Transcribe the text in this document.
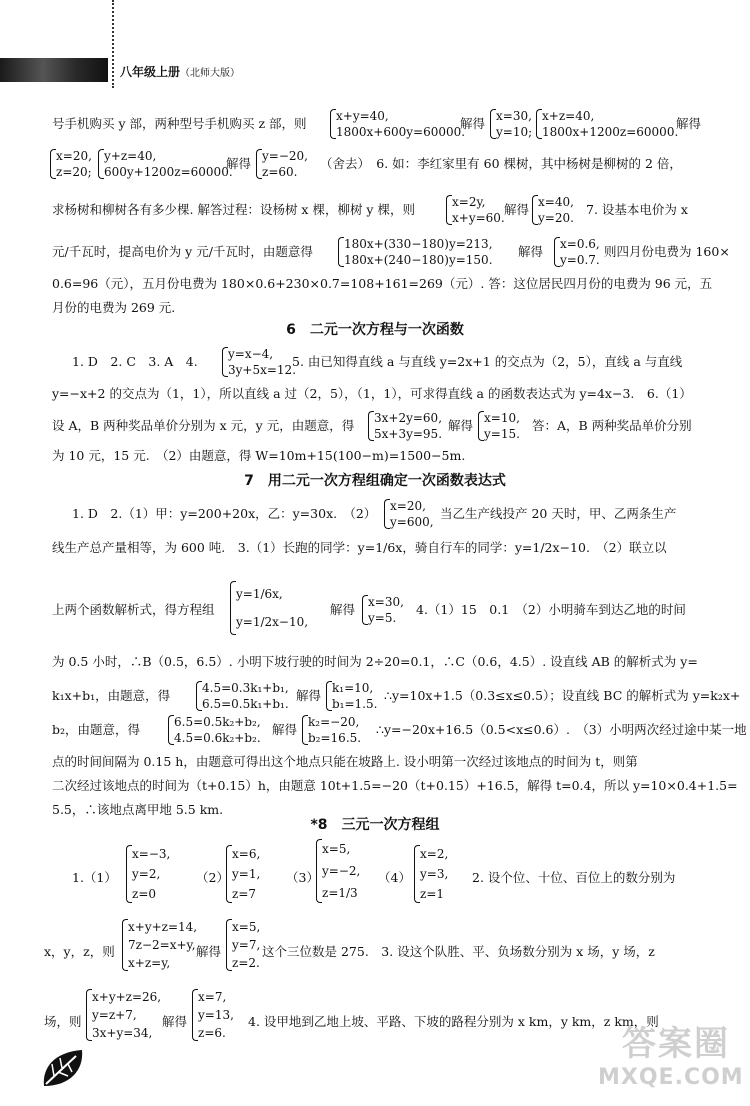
八年级上册（北师大版）
号手机购买 y 部，两种型号手机购买 z 部，则 x+y=40,
1800x+600y=60000.
解得 x=30,
y=10;
x+z=40,
1800x+1200z=60000.
解得
x=20,
z=20;
y+z=40,
600y+1200z=60000.
解得 y=−20,
z=60.
（舍去）　6. 如：李红家里有 60 棵树，其中杨树是柳树的 2 倍，
求杨树和柳树各有多少棵. 解答过程：设杨树 x 棵，柳树 y 棵，则	x=2y,
x+y=60.
解得 x=40,
y=20.
7. 设基本电价为 x
元/千瓦时，提高电价为 y 元/千瓦时，由题意得	180x+(330−180)y=213,
180x+(240−180)y=150.
解得 x=0.6,
y=0.7.
则四月份电费为 160×
0.6=96（元），五月份电费为 180×0.6+230×0.7=108+161=269（元）. 答：这位居民四月份的电费为 96 元，五
月份的电费为 269 元.
6　二元一次方程与一次函数
1. D　2. C　3. A　4.	y=x−4,
3y+5x=12.
5. 由已知得直线 a 与直线 y=2x+1 的交点为（2，5），直线 a 与直线
y=−x+2 的交点为（1，1），所以直线 a 过（2，5），（1，1），可求得直线 a 的函数表达式为 y=4x−3.　6.（1）
设 A，B 两种奖品单价分别为 x 元，y 元，由题意，得 3x+2y=60,
5x+3y=95.
解得 x=10,
y=15.
答：A，B 两种奖品单价分别
为 10 元，15 元.　（2）由题意，得 W=10m+15(100−m)=1500−5m.
7　用二元一次方程组确定一次函数表达式
1. D　2.（1）甲：y=200+20x，乙：y=30x.　（2） x=20,
y=600,
当乙生产线投产 20 天时，甲、乙两条生产
线生产总产量相等，为 600 吨.　3.（1）长跑的同学：y=1/6x，骑自行车的同学：y=1/2x−10.　（2）联立以
上两个函数解析式，得方程组
y=1/6x,
y=1/2x−10,
解得 x=30,
y=5.
4.（1）15　0.1　（2）小明骑车到达乙地的时间
为 0.5 小时，∴B（0.5，6.5）. 小明下坡行驶的时间为 2÷20=0.1，∴C（0.6，4.5）. 设直线 AB 的解析式为 y=
k₁x+b₁，由题意，得	4.5=0.3k₁+b₁,
6.5=0.5k₁+b₁.
解得 k₁=10,
b₁=1.5.
∴y=10x+1.5（0.3≤x≤0.5）；设直线 BC 的解析式为 y=k₂x+
b₂，由题意，得	6.5=0.5k₂+b₂,
4.5=0.6k₂+b₂.
解得 k₂=−20,
b₂=16.5.
∴y=−20x+16.5（0.5<x≤0.6）.　（3）小明两次经过途中某一地
点的时间间隔为 0.15 h，由题意可得出这个地点只能在坡路上. 设小明第一次经过该地点的时间为 t，则第
二次经过该地点的时间为（t+0.15）h，由题意 10t+1.5=−20（t+0.15）+16.5，解得 t=0.4，所以 y=10×0.4+1.5=
5.5，∴该地点离甲地 5.5 km.
*8　三元一次方程组
1.（1）
x=−3,
y=2,
z=0
（2）
x=6,
y=1,
z=7
（3）
x=5,
y=−2,
z=1/3
（4）
x=2,
y=3,
z=1
2. 设个位、十位、百位上的数分别为
x，y，z，则
x+y+z=14,
7z−2=x+y,
x+z=y,
解得
x=5,
y=7,
z=2.
这个三位数是 275.　3. 设这个队胜、平、负场数分别为 x 场，y 场，z
场，则
x+y+z=26,
y=z+7,
3x+y=34,
解得
x=7,
y=13,
z=6.
4. 设甲地到乙地上坡、平路、下坡的路程分别为 x km，y km，z km，则
答案圈
MXQE.COM
